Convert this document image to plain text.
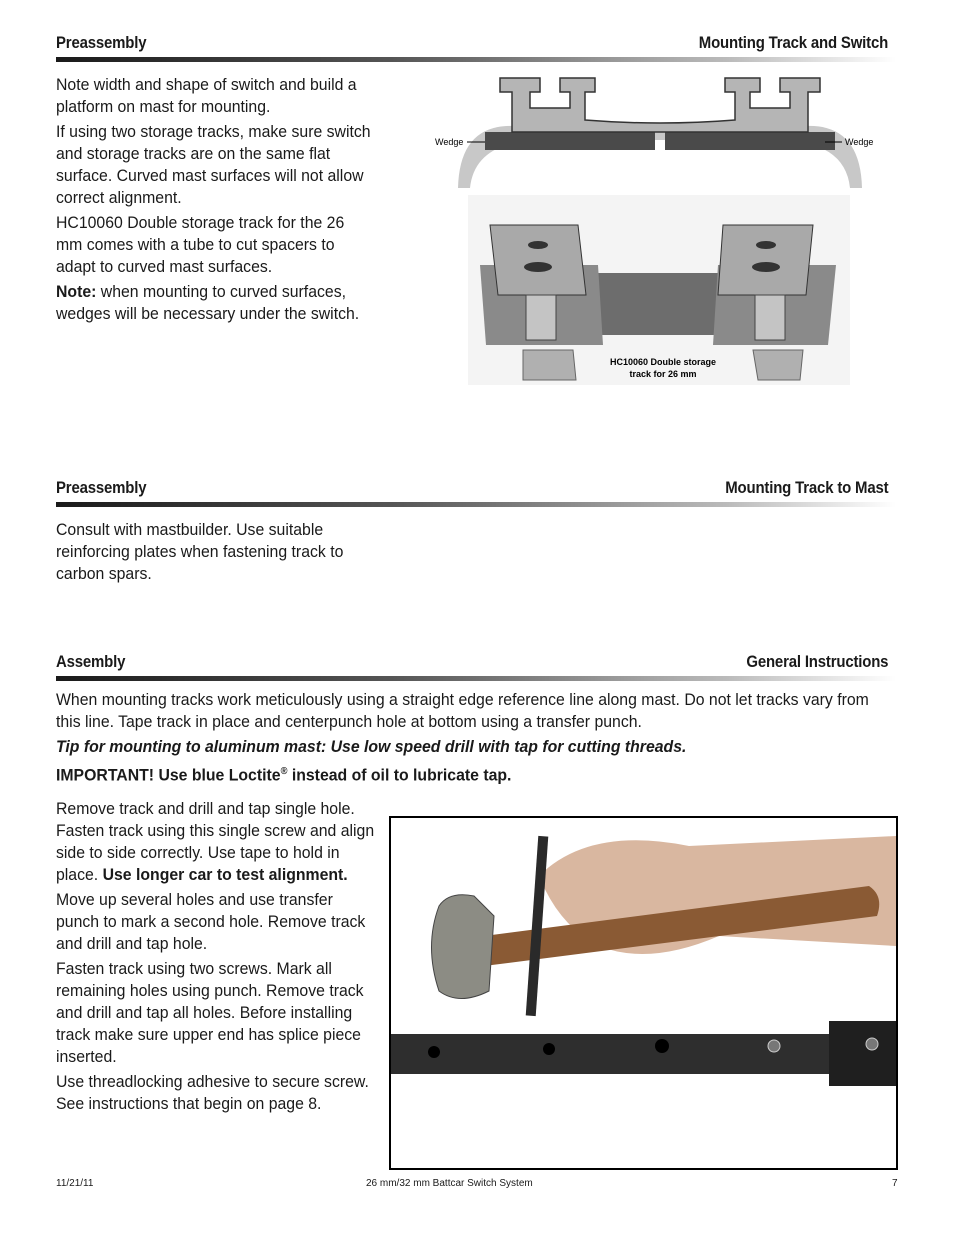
Preassembly	Mounting Track and Switch

Note width and shape of switch and build a platform on mast for mounting.

If using two storage tracks, make sure switch and storage tracks are on the same flat surface. Curved mast surfaces will not allow correct alignment.

HC10060 Double storage track for the 26 mm comes with a tube to cut spacers to adapt to curved mast surfaces.

Note: when mounting to curved surfaces, wedges will be necessary under the switch.

Wedge	Wedge
HC10060 Double storage
track for 26 mm
Preassembly	Mounting Track to Mast

Consult with mastbuilder. Use suitable reinforcing plates when fastening track to carbon spars.

Assembly	General Instructions

When mounting tracks work meticulously using a straight edge reference line along mast. Do not let tracks vary from this line. Tape track in place and centerpunch hole at bottom using a transfer punch.

Tip for mounting to aluminum mast: Use low speed drill with tap for cutting threads.

IMPORTANT! Use blue Loctite® instead of oil to lubricate tap.

Remove track and drill and tap single hole. Fasten track using this single screw and align side to side correctly. Use tape to hold in place. Use longer car to test alignment.

Move up several holes and use transfer punch to mark a second hole. Remove track and drill and tap hole.

Fasten track using two screws. Mark all remaining holes using punch. Remove track and drill and tap all holes. Before installing track make sure upper end has splice piece inserted.

Use threadlocking adhesive to secure screw. See instructions that begin on page 8.

11/21/11	26 mm/32 mm Battcar Switch System	7
